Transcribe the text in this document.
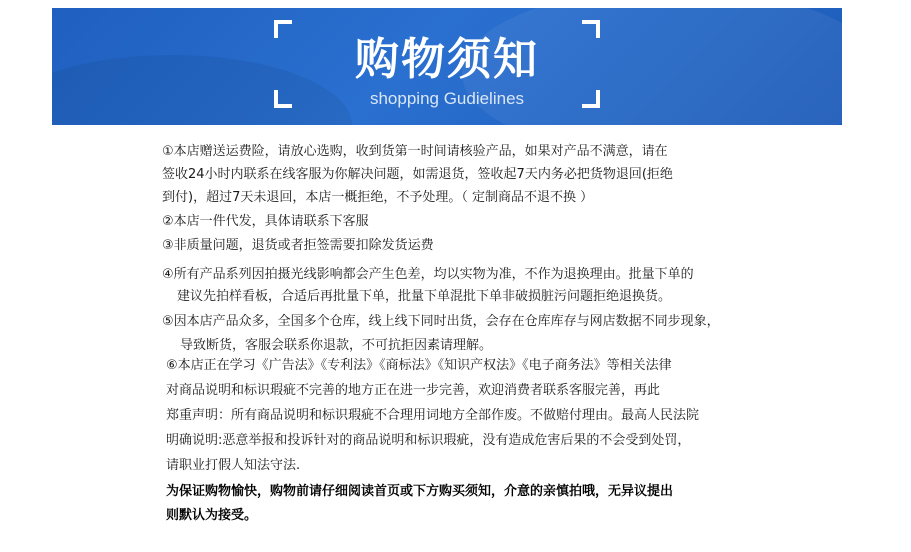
购物须知
shopping Gudielines
①本店赠送运费险，请放心选购，收到货第一时间请核验产品，如果对产品不满意，请在
签收24小时内联系在线客服为你解决问题，如需退货，签收起7天内务必把货物退回(拒绝
到付)，超过7天未退回，本店一概拒绝，不予处理。（ 定制商品不退不换 ）
②本店一件代发，具体请联系下客服
③非质量问题，退货或者拒签需要扣除发货运费
④所有产品系列因拍摄光线影响都会产生色差，均以实物为准，不作为退换理由。批量下单的
建议先拍样看板，合适后再批量下单，批量下单混批下单非破损脏污问题拒绝退换货。
⑤因本店产品众多，全国多个仓库，线上线下同时出货，会存在仓库库存与网店数据不同步现象，
导致断货，客服会联系你退款，不可抗拒因素请理解。
⑥本店正在学习《广告法》《专利法》《商标法》《知识产权法》《电子商务法》等相关法律
对商品说明和标识瑕疵不完善的地方正在进一步完善，欢迎消费者联系客服完善，再此
郑重声明：所有商品说明和标识瑕疵不合理用词地方全部作废。不做赔付理由。最高人民法院
明确说明:恶意举报和投诉针对的商品说明和标识瑕疵，没有造成危害后果的不会受到处罚，
请职业打假人知法守法.
为保证购物愉快，购物前请仔细阅读首页或下方购买须知，介意的亲慎拍哦，无异议提出
则默认为接受。
